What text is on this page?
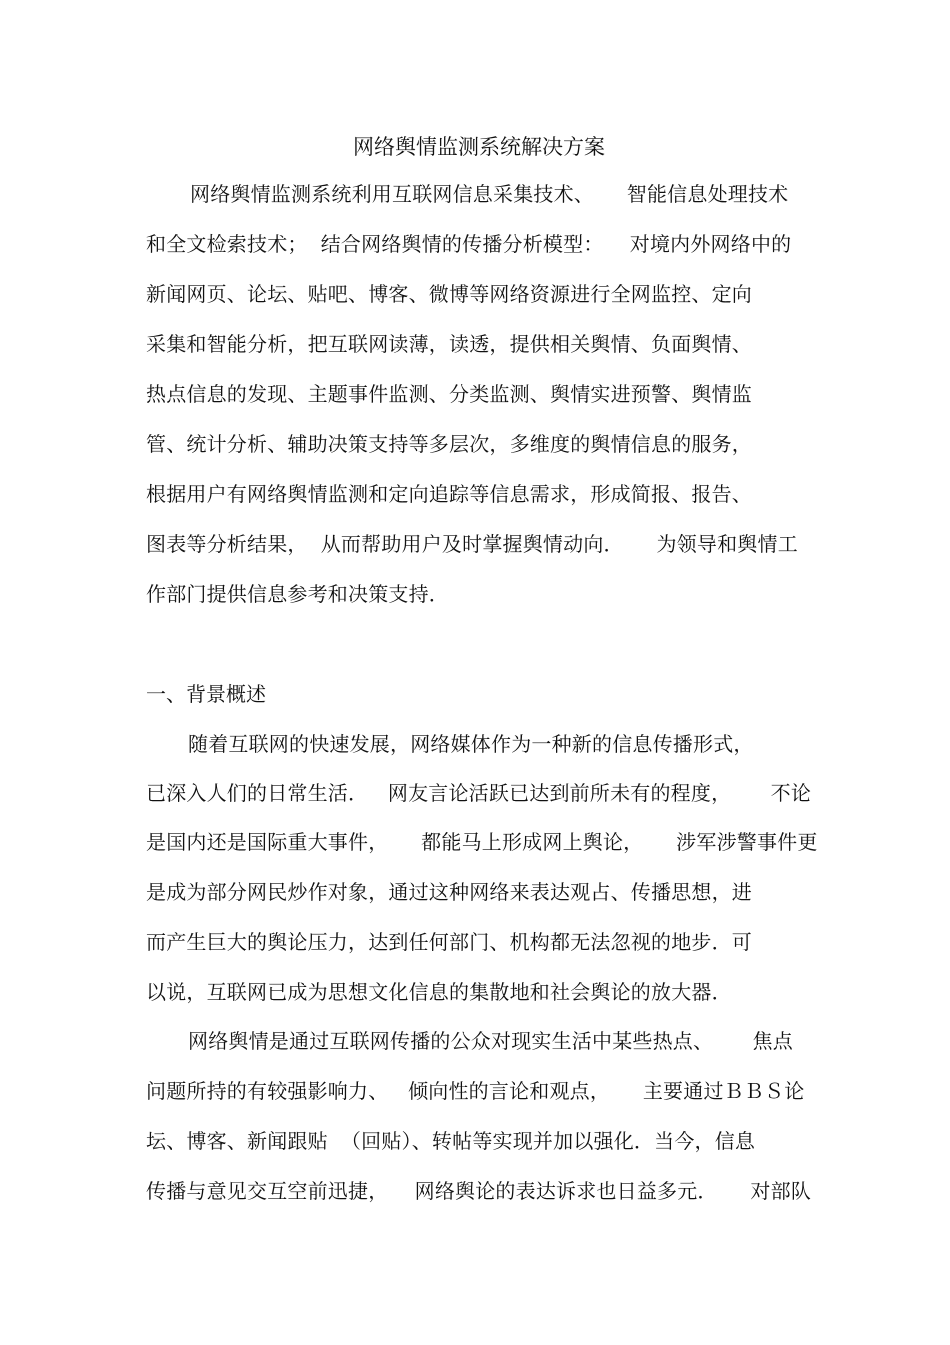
网络舆情监测系统解决方案
网络舆情监测系统利用互联网信息采集技术、     智能信息处理技术
和全文检索技术；  结合网络舆情的传播分析模型：    对境内外网络中的
新闻网页、论坛、贴吧、博客、微博等网络资源进行全网监控、定向
采集和智能分析，把互联网读薄，读透，提供相关舆情、负面舆情、
热点信息的发现、主题事件监测、分类监测、舆情实进预警、舆情监
管、统计分析、辅助决策支持等多层次，多维度的舆情信息的服务，
根据用户有网络舆情监测和定向追踪等信息需求，形成简报、报告、
图表等分析结果，  从而帮助用户及时掌握舆情动向．     为领导和舆情工
作部门提供信息参考和决策支持．
一、背景概述
随着互联网的快速发展，网络媒体作为一种新的信息传播形式，
已深入人们的日常生活．   网友言论活跃已达到前所未有的程度，      不论
是国内还是国际重大事件，     都能马上形成网上舆论，     涉军涉警事件更
是成为部分网民炒作对象，通过这种网络来表达观占、传播思想，进
而产生巨大的舆论压力，达到任何部门、机构都无法忽视的地步．可
以说，互联网已成为思想文化信息的集散地和社会舆论的放大器．
网络舆情是通过互联网传播的公众对现实生活中某些热点、      焦点
问题所持的有较强影响力、   倾向性的言论和观点，     主要通过ＢＢＳ论
坛、博客、新闻跟贴  （回贴）、转帖等实现并加以强化．当今，信息
传播与意见交互空前迅捷，    网络舆论的表达诉求也日益多元．     对部队
